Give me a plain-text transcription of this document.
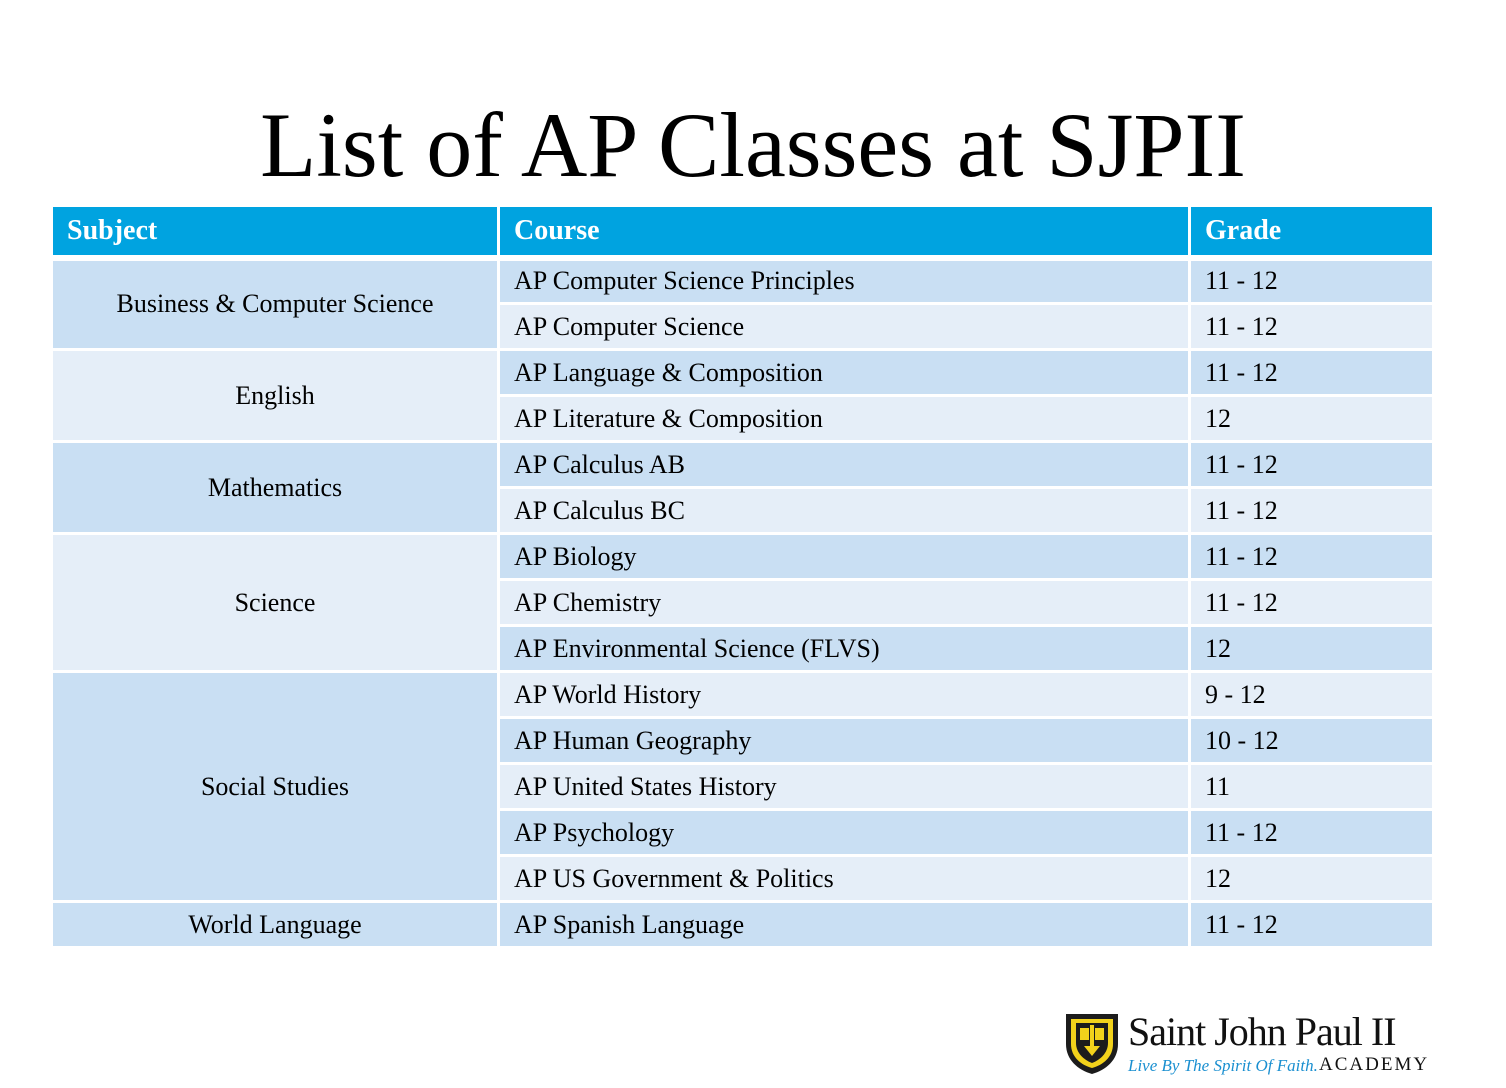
List of AP Classes at SJPII
Subject	Course	Grade
Business & Computer Science	AP Computer Science Principles	11 - 12
	AP Computer Science	11 - 12
English	AP Language & Composition	11 - 12
	AP Literature & Composition	12
Mathematics	AP Calculus AB	11 - 12
	AP Calculus BC	11 - 12
Science	AP Biology	11 - 12
	AP Chemistry	11 - 12
	AP Environmental Science (FLVS)	12
Social Studies	AP World History	9 - 12
	AP Human Geography	10 - 12
	AP United States History	11
	AP Psychology	11 - 12
	AP US Government & Politics	12
World Language	AP Spanish Language	11 - 12
Saint John Paul II
Live By The Spirit Of Faith. ACADEMY
